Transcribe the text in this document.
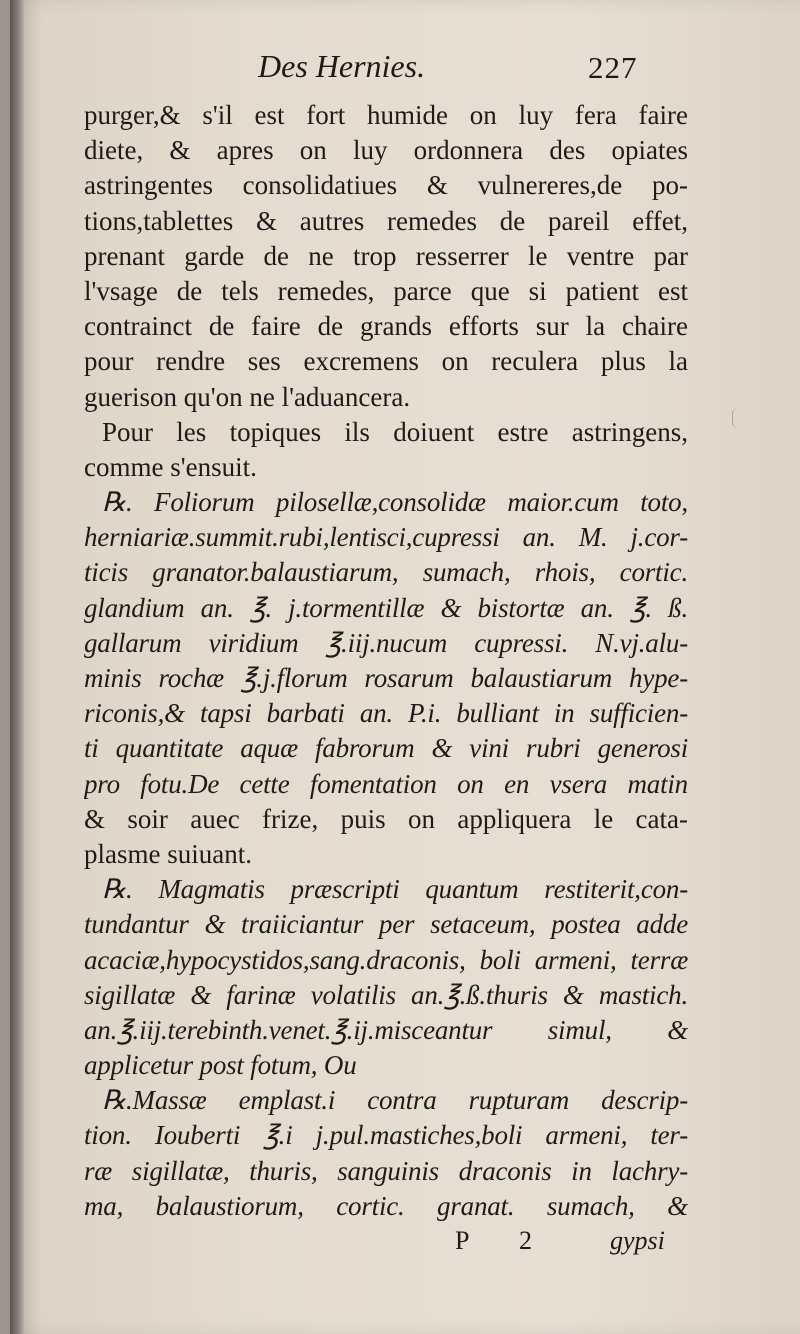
Des Hernies.	227
purger,& s'il est fort humide on luy fera faire
diete, & apres on luy ordonnera des opiates
astringentes consolidatiues & vulnereres,de po-
tions,tablettes & autres remedes de pareil effet,
prenant garde de ne trop resserrer le ventre par
l'vsage de tels remedes, parce que si patient est
contrainct de faire de grands efforts sur la chaire
pour rendre ses excremens on reculera plus la
guerison qu'on ne l'aduancera.
Pour les topiques ils doiuent estre astringens,
comme s'ensuit.
℞. Foliorum pilosellæ,consolidæ maior.cum toto,
herniariæ.summit.rubi,lentisci,cupressi an. M. j.cor-
ticis granator.balaustiarum, sumach, rhois, cortic.
glandium an. ℥. j.tormentillæ & bistortæ an. ℥. ß.
gallarum viridium ℥.iij.nucum cupressi. N.vj.alu-
minis rochæ ℥.j.florum rosarum balaustiarum hype-
riconis,& tapsi barbati an. P.i. bulliant in sufficien-
ti quantitate aquæ fabrorum & vini rubri generosi
pro fotu.De cette fomentation on en vsera matin
& soir auec frize, puis on appliquera le cata-
plasme suiuant.
℞. Magmatis præscripti quantum restiterit,con-
tundantur & traiiciantur per setaceum, postea adde
acaciæ,hypocystidos,sang.draconis, boli armeni, terræ
sigillatæ & farinæ volatilis an.℥.ß.thuris & mastich.
an.℥.iij.terebinth.venet.℥.ij.misceantur simul, &
applicetur post fotum, Ou
℞.Massæ emplast.i contra rupturam descrip-
tion. Iouberti ℥.i j.pul.mastiches,boli armeni, ter-
ræ sigillatæ, thuris, sanguinis draconis in lachry-
ma, balaustiorum, cortic. granat. sumach, &
P 2 gypsi
